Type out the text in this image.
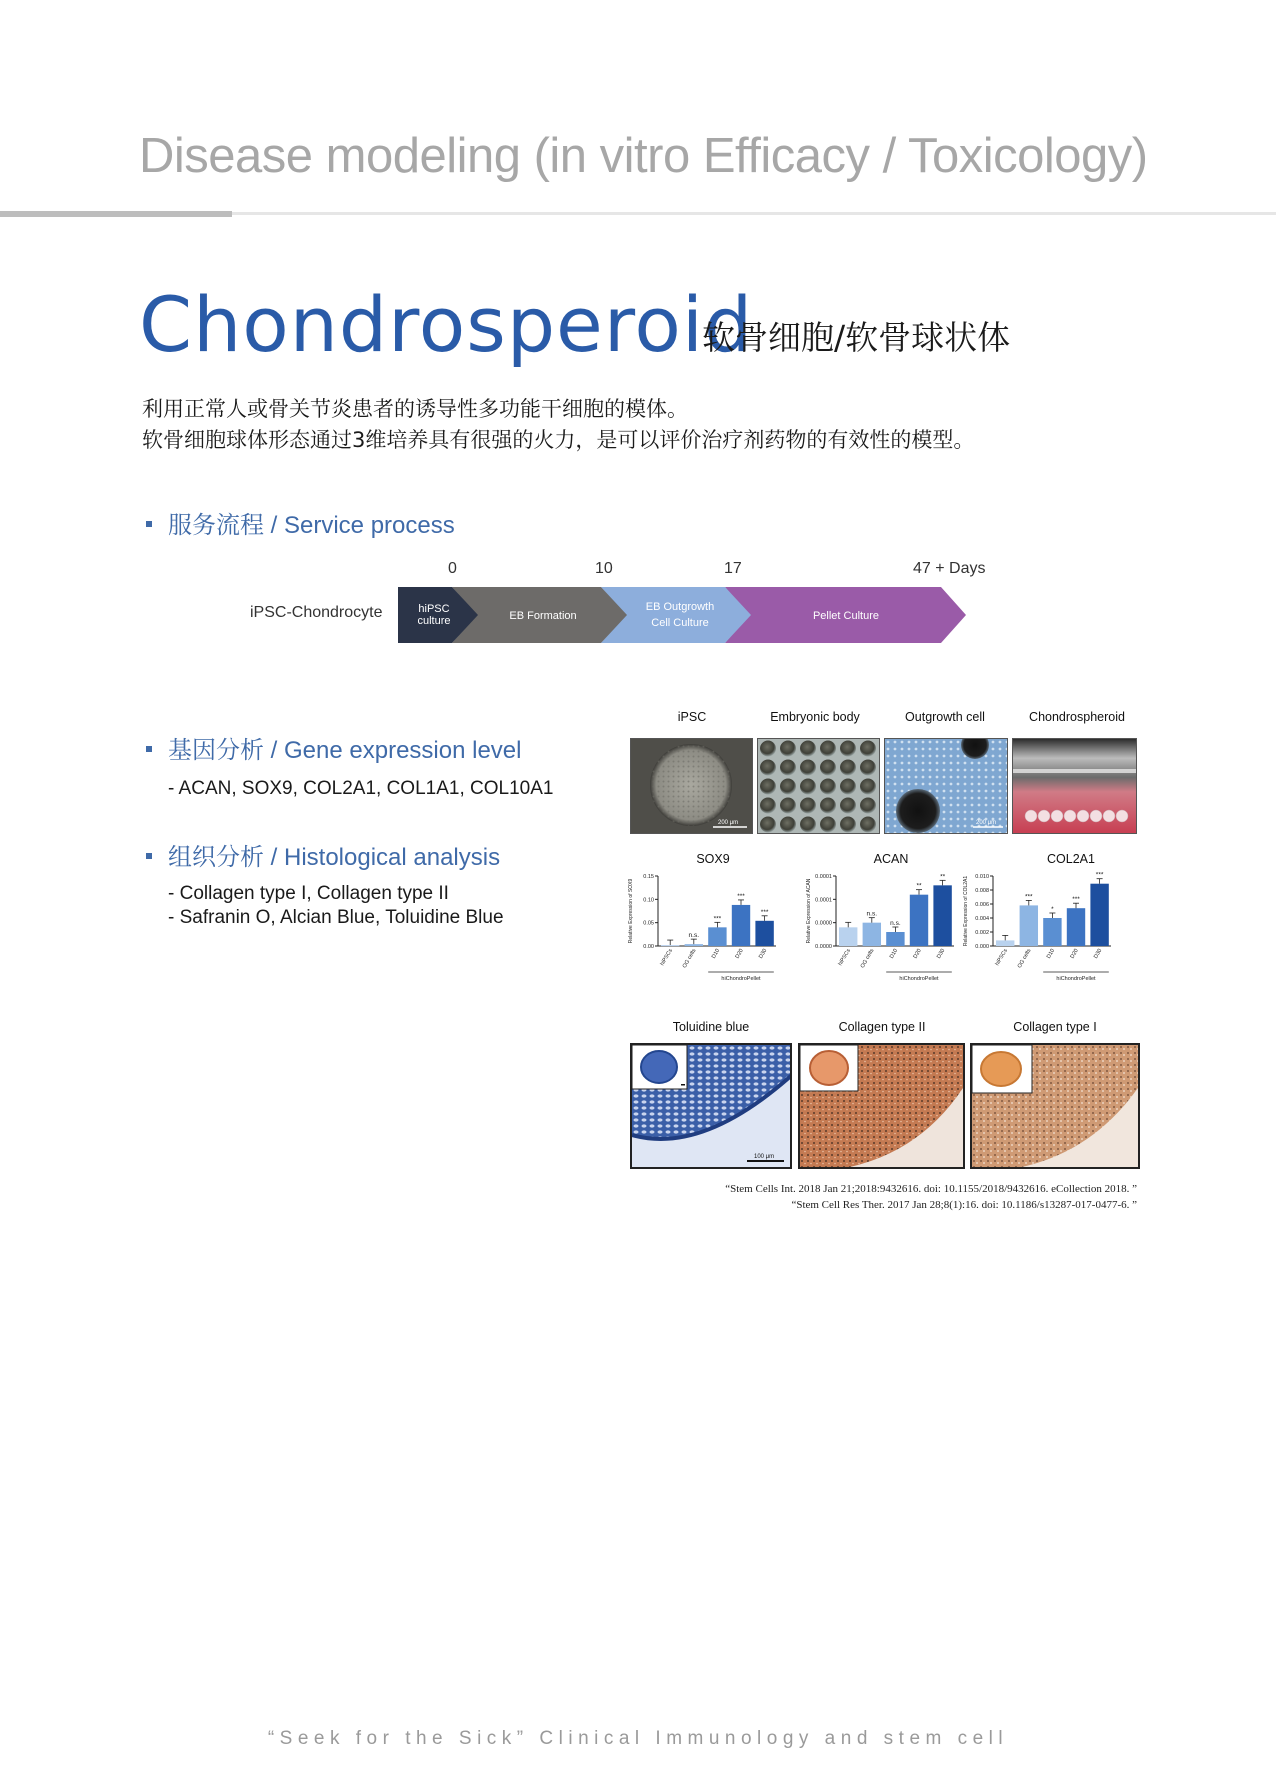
Disease modeling (in vitro Efficacy / Toxicology)
Chondrosperoid
软骨细胞/软骨球状体

利用正常人或骨关节炎患者的诱导性多功能干细胞的模体。

软骨细胞球体形态通过3维培养具有很强的火力，是可以评价治疗剂药物的有效性的模型。

服务流程 / Service process
0	10	17	47 + Days
iPSC-Chondrocyte	hiPSC
culture	EB Formation
EB Outgrowth
Cell Culture
Pellet Culture
基因分析 / Gene expression level
- ACAN, SOX9, COL2A1, COL1A1, COL10A1
组织分析 / Histological analysis
- Collagen type I, Collagen type II
- Safranin O, Alcian Blue, Toluidine Blue
iPSC	Embryonic body	Outgrowth cell	Chondrospheroid
200 μm	200 μm
SOX9	ACAN	COL2A1
0.15
0.10
0.05
0.00
Relative Expression of SOX9
hiPSCs
n.s.
OG cells
***
D10
***
D20
***
D30
hiChondroPellet
0.0001
0.0001
0.0000
0.0000
Relative Expression of ACAN
hiPSCs
n.s.
OG cells
n.s.
D10
**
D20
**
D30
hiChondroPellet
0.010
0.008
0.006
0.004
0.002
0.000
Relative Expression of COL2A1
hiPSCs
***
OG cells
*
D10
***
D20
***
D30
hiChondroPellet
Toluidine blue	Collagen type II	Collagen type I
100 μm

“Stem Cells Int. 2018 Jan 21;2018:9432616. doi: 10.1155/2018/9432616. eCollection 2018. ”

“Stem Cell Res Ther. 2017 Jan 28;8(1):16. doi: 10.1186/s13287-017-0477-6. ”

“Seek for the Sick” Clinical Immunology and stem cell
